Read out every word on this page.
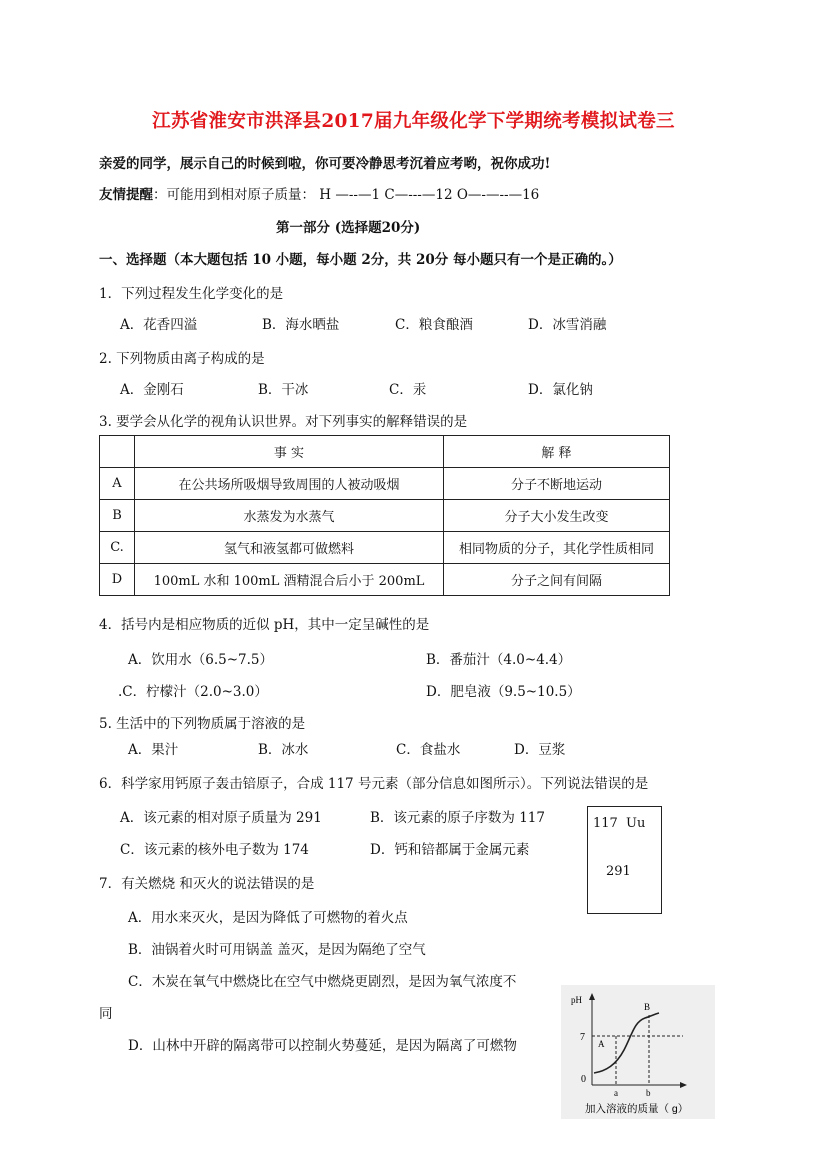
江苏省淮安市洪泽县2017届九年级化学下学期统考模拟试卷三
亲爱的同学，展示自己的时候到啦，你可要冷静思考沉着应考哟，祝你成功!
友情提醒：可能用到相对原子质量： H —--—1 C—---—12 O—-—--—16
第一部分 (选择题20分)
一、选择题（本大题包括 10 小题，每小题 2分，共 20分 每小题只有一个是正确的。）
1．下列过程发生化学变化的是
A．花香四溢	B．海水晒盐	C．粮食酿酒	D．冰雪消融
2. 下列物质由离子构成的是
A．金刚石	B．干冰	C．汞	D．氯化钠
3. 要学会从化学的视角认识世界。对下列事实的解释错误的是
	事 实	解 释
A	在公共场所吸烟导致周围的人被动吸烟	分子不断地运动
B	水蒸发为水蒸气	分子大小发生改变
C.	氢气和液氢都可做燃料	相同物质的分子，其化学性质相同
D	100mL 水和 100mL 酒精混合后小于 200mL	分子之间有间隔
4．括号内是相应物质的近似 pH，其中一定呈碱性的是
A．饮用水（6.5~7.5）	B．番茄汁（4.0~4.4）
.C．柠檬汁（2.0~3.0）	D．肥皂液（9.5~10.5）
5. 生活中的下列物质属于溶液的是
A．果汁	B．冰水	C．食盐水	D．豆浆
6．科学家用钙原子轰击锫原子，合成 117 号元素（部分信息如图所示）。下列说法错误的是
A．该元素的相对原子质量为 291	B．该元素的原子序数为 117
C．该元素的核外电子数为 174	D．钙和锫都属于金属元素
117 Uu
291
7．有关燃烧 和灭火的说法错误的是
A．用水来灭火，是因为降低了可燃物的着火点
B．油锅着火时可用锅盖 盖灭，是因为隔绝了空气
C．木炭在氧气中燃烧比在空气中燃烧更剧烈，是因为氧气浓度不
同
D．山林中开辟的隔离带可以控制火势蔓延，是因为隔离了可燃物
pH
7
0
A
B
a	b
加入溶液的质量（ g）
